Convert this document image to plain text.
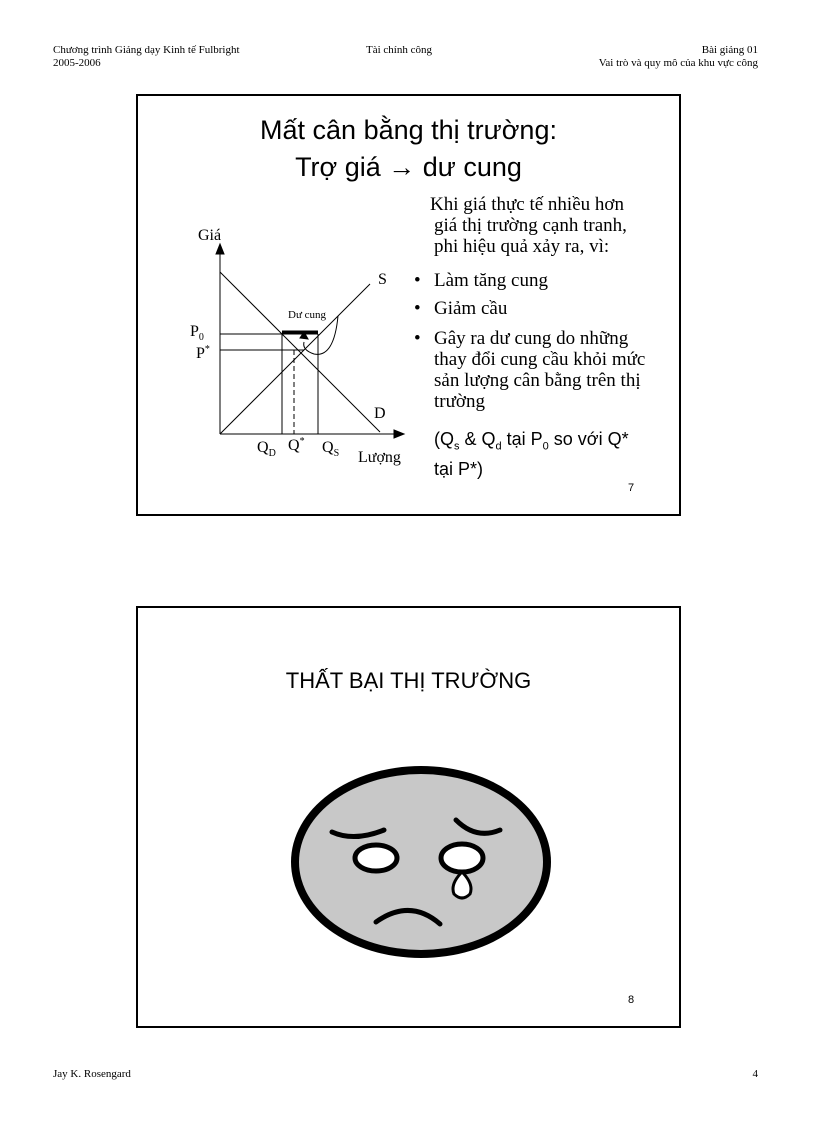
Chương trình Giảng dạy Kinh tế Fulbright
2005-2006
Tài chính công	Bài giảng 01
Vai trò và quy mô của khu vực công
Mất cân bằng thị trường:
Trợ giá → dư cung
Giá
Lượng
S
D
Dư cung
$P_0$
P*
$Q_D$ Q* $Q_S$
Khi giá thực tế nhiều hơn
giá thị trường cạnh tranh,
phi hiệu quả xảy ra, vì:
• Làm tăng cung
• Giảm cầu
• Gây ra dư cung do những
thay đổi cung cầu khỏi mức
sản lượng cân bằng trên thị
trường
($Q_s$ & $Q_d$ tại $P_0$ so với Q*
tại P*)
7
THẤT BẠI THỊ TRƯỜNG
8
Jay K. Rosengard	4
